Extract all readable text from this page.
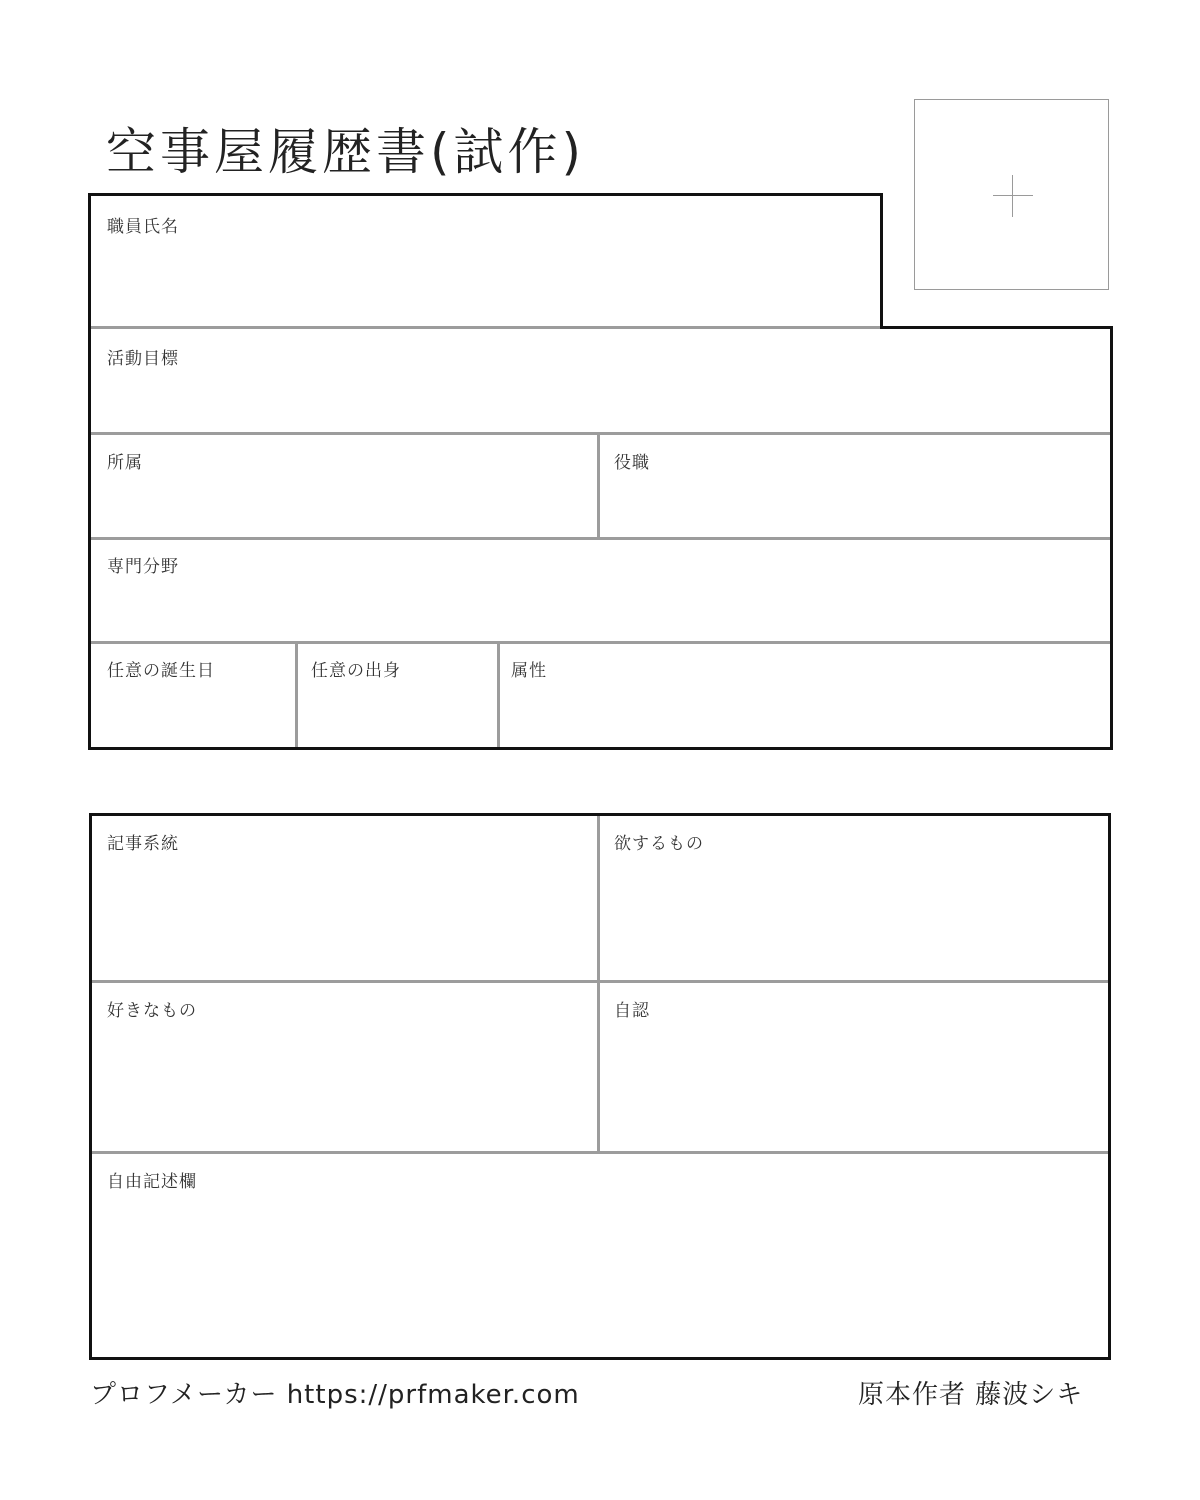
空事屋履歴書(試作)
職員氏名
活動目標
所属	役職
専門分野
任意の誕生日	任意の出身	属性
記事系統	欲するもの
好きなもの	自認
自由記述欄
プロフメーカー https://prfmaker.com	原本作者 藤波シキ
